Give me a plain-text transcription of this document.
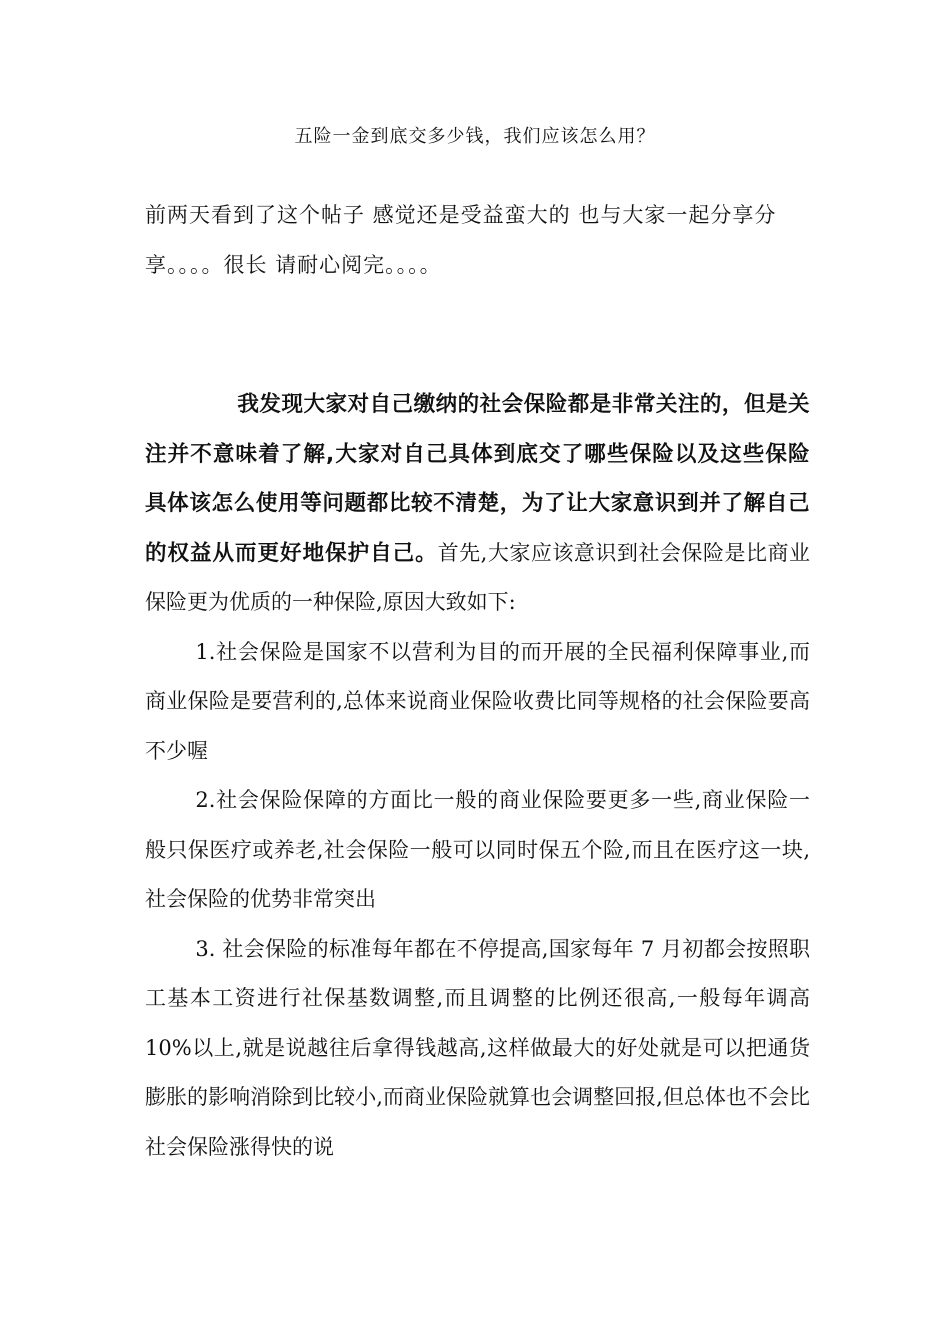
五险一金到底交多少钱，我们应该怎么用？
前两天看到了这个帖子 感觉还是受益蛮大的 也与大家一起分享分享。。。。很长 请耐心阅完。。。。

我发现大家对自己缴纳的社会保险都是非常关注的，但是关注并不意味着了解,大家对自己具体到底交了哪些保险以及这些保险具体该怎么使用等问题都比较不清楚，为了让大家意识到并了解自己的权益从而更好地保护自己。首先,大家应该意识到社会保险是比商业保险更为优质的一种保险,原因大致如下:

1.社会保险是国家不以营利为目的而开展的全民福利保障事业,而商业保险是要营利的,总体来说商业保险收费比同等规格的社会保险要高不少喔

2.社会保险保障的方面比一般的商业保险要更多一些,商业保险一般只保医疗或养老,社会保险一般可以同时保五个险,而且在医疗这一块,社会保险的优势非常突出

3. 社会保险的标准每年都在不停提高,国家每年 7 月初都会按照职工基本工资进行社保基数调整,而且调整的比例还很高,一般每年调高 10%以上,就是说越往后拿得钱越高,这样做最大的好处就是可以把通货膨胀的影响消除到比较小,而商业保险就算也会调整回报,但总体也不会比社会保险涨得快的说
